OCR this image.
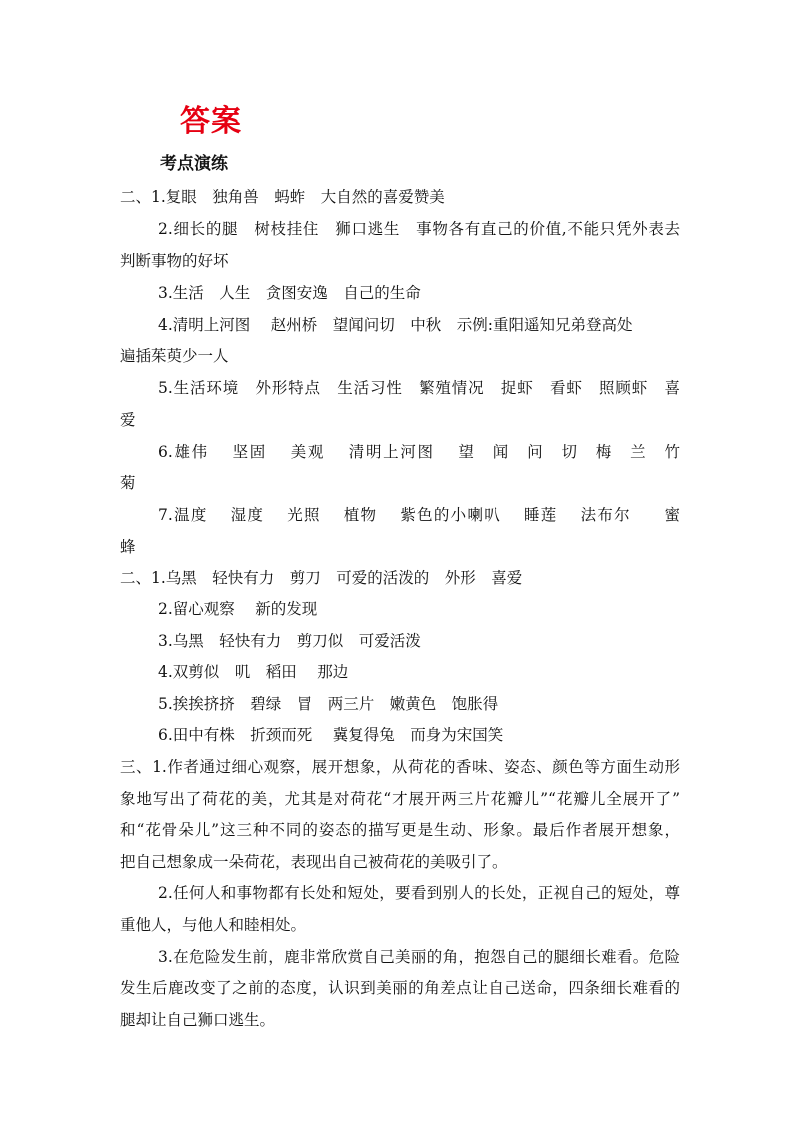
答案
考点演练
二、1.复眼　独角兽　蚂蚱　大自然的喜爱赞美
2.细长的腿　树枝挂住　狮口逃生　事物各有直己的价值,不能只凭外表去
判断事物的好坏
3.生活　人生　贪图安逸　自己的生命
4.清明上河图　 赵州桥　望闻问切　中秋　示例:重阳遥知兄弟登高处
遍插茱萸少一人
5.生活环境　外形特点　生活习性　繁殖情况　捉虾　看虾　照顾虾　喜
爱
6.雄伟　 坚固　 美观　 清明上河图　 望　闻　问　切　梅　兰　竹
菊
7.温度　 湿度　 光照　 植物　 紫色的小喇叭　 睡莲　 法布尔　　蜜
蜂
二、1.乌黑　轻快有力　剪刀　可爱的活泼的　外形　喜爱
2.留心观察　 新的发现
3.乌黑　轻快有力　剪刀似　可爱活泼
4.双剪似　叽　稻田　 那边
5.挨挨挤挤　碧绿　冒　两三片　嫩黄色　饱胀得
6.田中有株　折颈而死　 冀复得兔　而身为宋国笑
三、1.作者通过细心观察，展开想象，从荷花的香味、姿态、颜色等方面生动形
象地写出了荷花的美，尤其是对荷花“才展开两三片花瓣儿”“花瓣儿全展开了”
和“花骨朵儿”这三种不同的姿态的描写更是生动、形象。最后作者展开想象，
把自己想象成一朵荷花，表现出自己被荷花的美吸引了。
2.任何人和事物都有长处和短处，要看到别人的长处，正视自己的短处，尊
重他人，与他人和睦相处。
3.在危险发生前，鹿非常欣赏自己美丽的角，抱怨自己的腿细长难看。危险
发生后鹿改变了之前的态度，认识到美丽的角差点让自己送命，四条细长难看的
腿却让自己狮口逃生。
